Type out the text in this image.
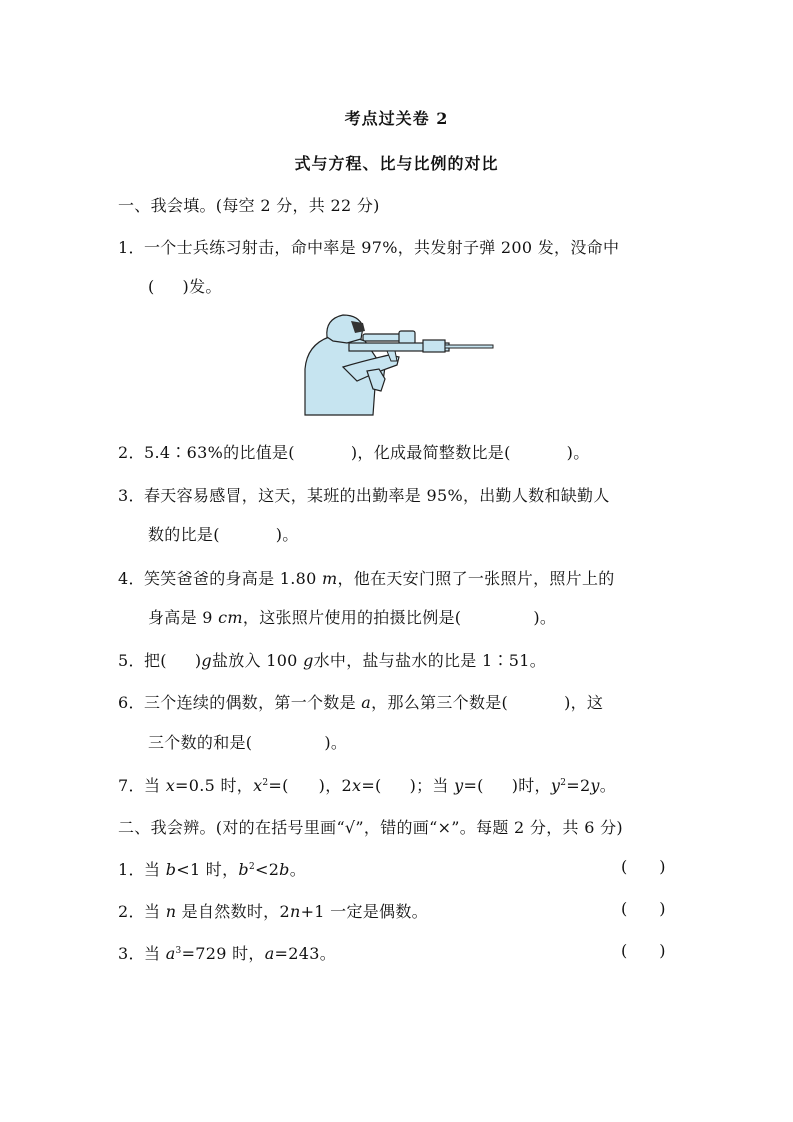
考点过关卷 2
式与方程、比与比例的对比
一、我会填。(每空 2 分，共 22 分)
1．一个士兵练习射击，命中率是 97%，共发射子弹 200 发，没命中
( )发。
2．5.4∶63%的比值是(	)，化成最简整数比是(	)。
3．春天容易感冒，这天，某班的出勤率是 95%，出勤人数和缺勤人
数的比是(	)。
4．笑笑爸爸的身高是 1.80 m，他在天安门照了一张照片，照片上的
身高是 9 cm，这张照片使用的拍摄比例是(	)。
5．把( )g盐放入 100 g水中，盐与盐水的比是 1∶51。
6．三个连续的偶数，第一个数是 a，那么第三个数是(	)，这
三个数的和是(	)。
7．当 x=0.5 时，$x^2=$( )，2x=( )；当 y=( )时，$y^2=2y$。
二、我会辨。(对的在括号里画“√”，错的画“×”。每题 2 分，共 6 分)
1．当 b<1 时，$b^2<2b$。	( )
2．当 n 是自然数时，2n+1 一定是偶数。	( )
3．当 $a^3=729$ 时，a=243。	( )
